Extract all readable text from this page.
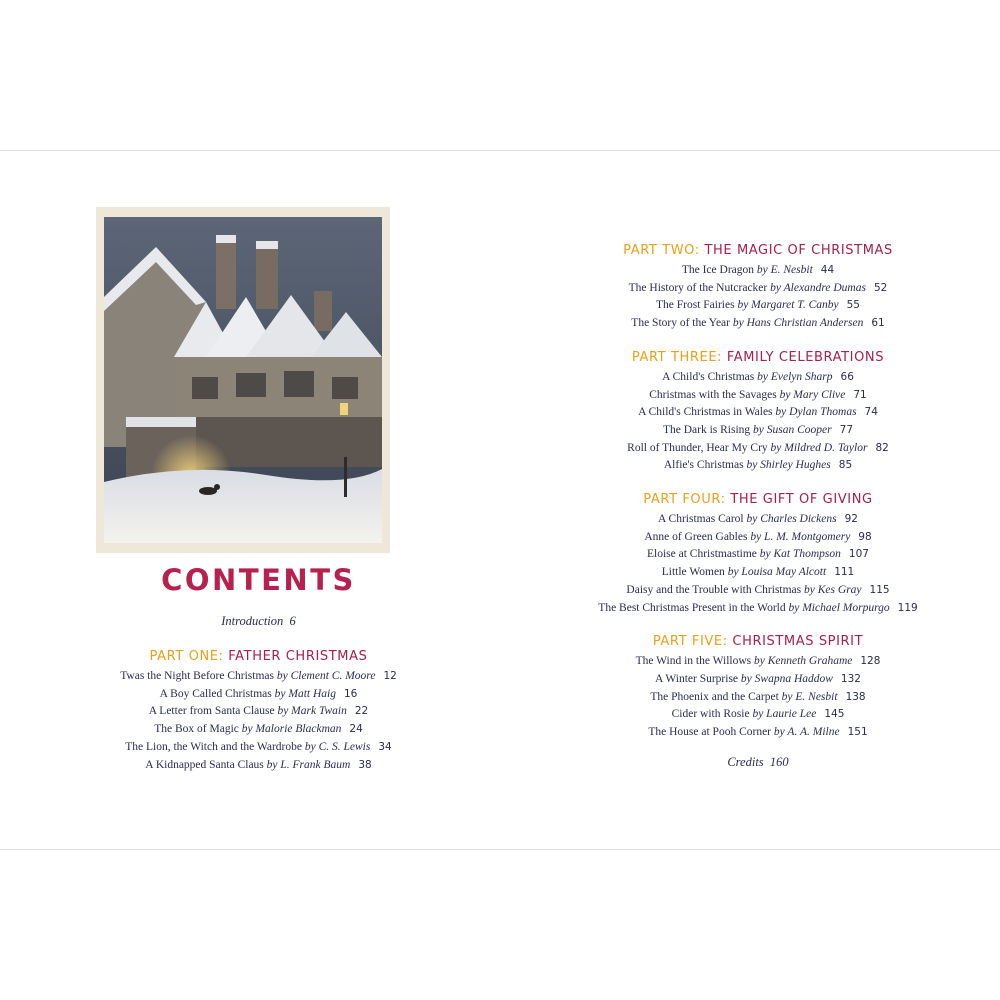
CONTENTS
Introduction 6
PART ONE: FATHER CHRISTMAS
Twas the Night Before Christmas by Clement C. Moore 12
A Boy Called Christmas by Matt Haig 16
A Letter from Santa Clause by Mark Twain 22
The Box of Magic by Malorie Blackman 24
The Lion, the Witch and the Wardrobe by C. S. Lewis 34
A Kidnapped Santa Claus by L. Frank Baum 38
PART TWO: THE MAGIC OF CHRISTMAS
The Ice Dragon by E. Nesbit 44
The History of the Nutcracker by Alexandre Dumas 52
The Frost Fairies by Margaret T. Canby 55
The Story of the Year by Hans Christian Andersen 61
PART THREE: FAMILY CELEBRATIONS
A Child's Christmas by Evelyn Sharp 66
Christmas with the Savages by Mary Clive 71
A Child's Christmas in Wales by Dylan Thomas 74
The Dark is Rising by Susan Cooper 77
Roll of Thunder, Hear My Cry by Mildred D. Taylor 82
Alfie's Christmas by Shirley Hughes 85
PART FOUR: THE GIFT OF GIVING
A Christmas Carol by Charles Dickens 92
Anne of Green Gables by L. M. Montgomery 98
Eloise at Christmastime by Kat Thompson 107
Little Women by Louisa May Alcott 111
Daisy and the Trouble with Christmas by Kes Gray 115
The Best Christmas Present in the World by Michael Morpurgo 119
PART FIVE: CHRISTMAS SPIRIT
The Wind in the Willows by Kenneth Grahame 128
A Winter Surprise by Swapna Haddow 132
The Phoenix and the Carpet by E. Nesbit 138
Cider with Rosie by Laurie Lee 145
The House at Pooh Corner by A. A. Milne 151
Credits 160
